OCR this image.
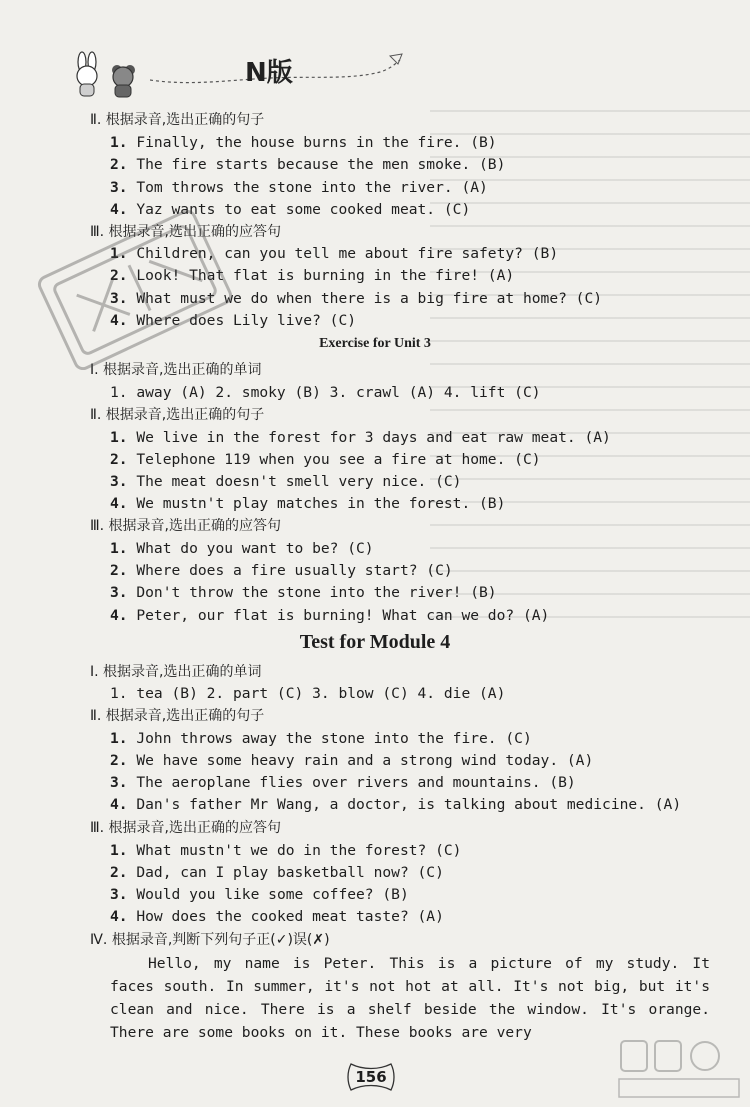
N版
Ⅱ. 根据录音,选出正确的句子
1. Finally, the house burns in the fire. (B)
2. The fire starts because the men smoke. (B)
3. Tom throws the stone into the river. (A)
4. Yaz wants to eat some cooked meat. (C)
Ⅲ. 根据录音,选出正确的应答句
1. Children, can you tell me about fire safety? (B)
2. Look! That flat is burning in the fire! (A)
3. What must we do when there is a big fire at home? (C)
4. Where does Lily live? (C)
Exercise for Unit 3
Ⅰ. 根据录音,选出正确的单词
1. away (A) 2. smoky (B) 3. crawl (A) 4. lift (C)
Ⅱ. 根据录音,选出正确的句子
1. We live in the forest for 3 days and eat raw meat. (A)
2. Telephone 119 when you see a fire at home. (C)
3. The meat doesn't smell very nice. (C)
4. We mustn't play matches in the forest. (B)
Ⅲ. 根据录音,选出正确的应答句
1. What do you want to be? (C)
2. Where does a fire usually start? (C)
3. Don't throw the stone into the river! (B)
4. Peter, our flat is burning! What can we do? (A)
Test for Module 4
Ⅰ. 根据录音,选出正确的单词
1. tea (B) 2. part (C) 3. blow (C) 4. die (A)
Ⅱ. 根据录音,选出正确的句子
1. John throws away the stone into the fire. (C)
2. We have some heavy rain and a strong wind today. (A)
3. The aeroplane flies over rivers and mountains. (B)
4. Dan's father Mr Wang, a doctor, is talking about medicine. (A)
Ⅲ. 根据录音,选出正确的应答句
1. What mustn't we do in the forest? (C)
2. Dad, can I play basketball now? (C)
3. Would you like some coffee? (B)
4. How does the cooked meat taste? (A)
Ⅳ. 根据录音,判断下列句子正(✓)误(✗)
Hello, my name is Peter. This is a picture of my study. It faces south. In summer, it's not hot at all. It's not big, but it's clean and nice. There is a shelf beside the window. It's orange. There are some books on it. These books are very
156
